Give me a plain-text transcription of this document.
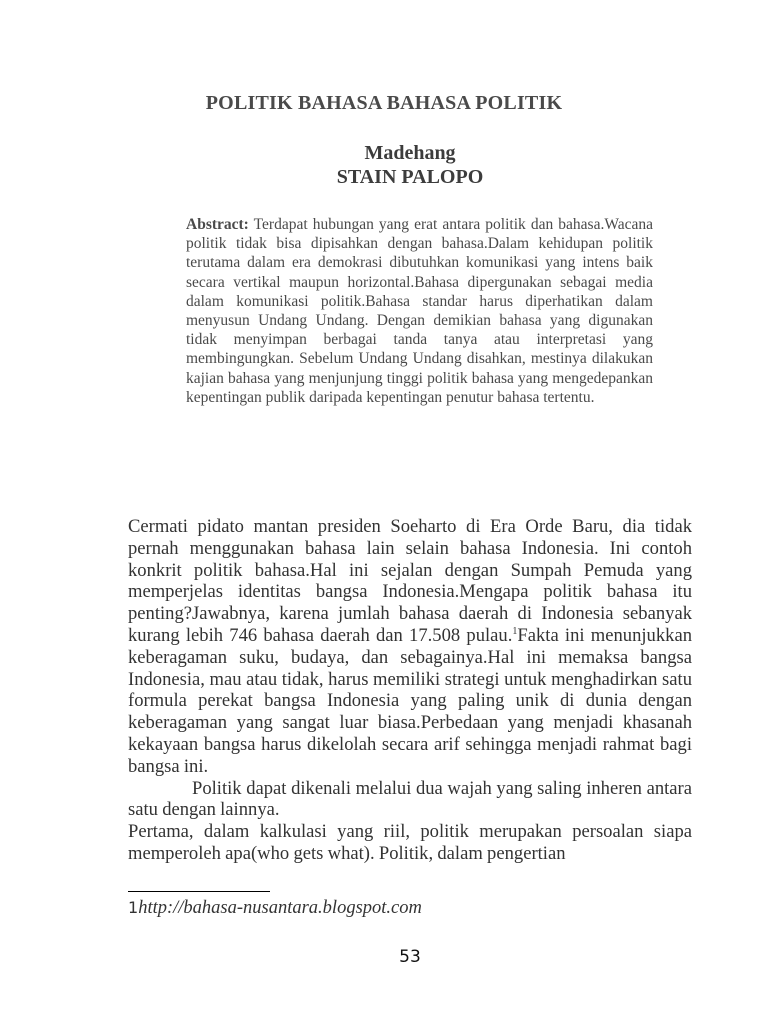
POLITIK BAHASA BAHASA POLITIK
Madehang
STAIN PALOPO
Abstract: Terdapat hubungan yang erat antara politik dan bahasa.Wacana politik tidak bisa dipisahkan dengan bahasa.Dalam kehidupan politik terutama dalam era demokrasi dibutuhkan komunikasi yang intens baik secara vertikal maupun horizontal.Bahasa dipergunakan sebagai media dalam komunikasi politik.Bahasa standar harus diperhatikan dalam menyusun Undang Undang. Dengan demikian bahasa yang digunakan tidak menyimpan berbagai tanda tanya atau interpretasi yang membingungkan. Sebelum Undang Undang disahkan, mestinya dilakukan kajian bahasa yang menjunjung tinggi politik bahasa yang mengedepankan kepentingan publik daripada kepentingan penutur bahasa tertentu.

Cermati pidato mantan presiden Soeharto di Era Orde Baru, dia tidak pernah menggunakan bahasa lain selain bahasa Indonesia. Ini contoh konkrit politik bahasa.Hal ini sejalan dengan Sumpah Pemuda yang memperjelas identitas bangsa Indonesia.Mengapa politik bahasa itu penting?Jawabnya, karena jumlah bahasa daerah di Indonesia sebanyak kurang lebih 746 bahasa daerah dan 17.508 pulau.$^1$Fakta ini menunjukkan keberagaman suku, budaya, dan sebagainya.Hal ini memaksa bangsa Indonesia, mau atau tidak, harus memiliki strategi untuk menghadirkan satu formula perekat bangsa Indonesia yang paling unik di dunia dengan keberagaman yang sangat luar biasa.Perbedaan yang menjadi khasanah kekayaan bangsa harus dikelolah secara arif sehingga menjadi rahmat bagi bangsa ini.

Politik dapat dikenali melalui dua wajah yang saling inheren antara satu dengan lainnya.

Pertama, dalam kalkulasi yang riil, politik merupakan persoalan siapa memperoleh apa(who gets what). Politik, dalam pengertian

1http://bahasa-nusantara.blogspot.com
53
